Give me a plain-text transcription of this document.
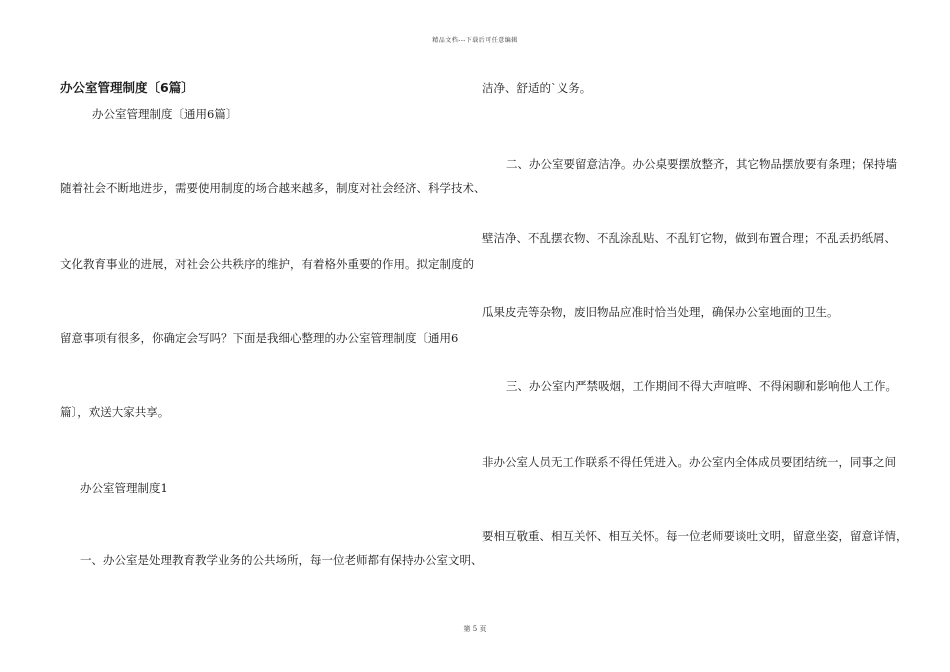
精品文档---下载后可任意编辑
办公室管理制度〔6篇〕
办公室管理制度〔通用6篇〕
随着社会不断地进步，需要使用制度的场合越来越多，制度对社会经济、科学技术、
文化教育事业的进展，对社会公共秩序的维护，有着格外重要的作用。拟定制度的
留意事项有很多，你确定会写吗？下面是我细心整理的办公室管理制度〔通用6
篇〕，欢送大家共享。
办公室管理制度1
一、办公室是处理教育教学业务的公共场所，每一位老师都有保持办公室文明、
洁净、舒适的`义务。
二、办公室要留意洁净。办公桌要摆放整齐，其它物品摆放要有条理；保持墙
壁洁净、不乱摆衣物、不乱涂乱贴、不乱钉它物，做到布置合理；不乱丢扔纸屑、
瓜果皮壳等杂物，废旧物品应准时恰当处理，确保办公室地面的卫生。
三、办公室内严禁吸烟，工作期间不得大声喧哗、不得闲聊和影响他人工作。
非办公室人员无工作联系不得任凭进入。办公室内全体成员要团结统一，同事之间
要相互敬重、相互关怀、相互关怀。每一位老师要谈吐文明，留意坐姿，留意详情，
第 5 页
